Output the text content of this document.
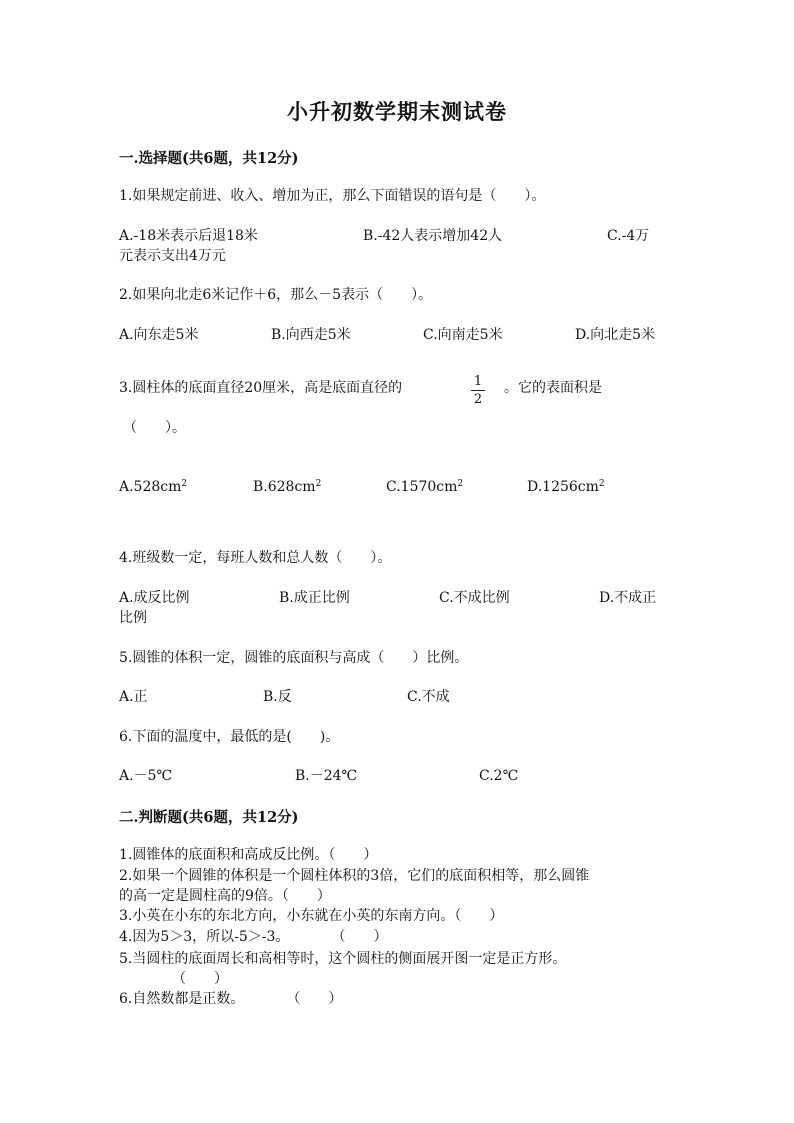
小升初数学期末测试卷
一.选择题(共6题，共12分)
1.如果规定前进、收入、增加为正，那么下面错误的语句是（　　）。
A.-18米表示后退18米	B.-42人表示增加42人	C.-4万
元表示支出4万元
2.如果向北走6米记作＋6，那么－5表示（　　）。
A.向东走5米	B.向西走5米	C.向南走5米	D.向北走5米
3.圆柱体的底面直径20厘米，高是底面直径的	1
2
。它的表面积是
（　　）。
$A.528cm^2$	$B.628cm^2$	$C.1570cm^2$	$D.1256cm^2$
4.班级数一定，每班人数和总人数（　　）。
A.成反比例	B.成正比例	C.不成比例	D.不成正
比例
5.圆锥的体积一定，圆锥的底面积与高成（　　）比例。
A.正	B.反	C.不成
6.下面的温度中，最低的是(　　)。
A.－5℃	B.－24℃	C.2℃
二.判断题(共6题，共12分)
1.圆锥体的底面积和高成反比例。（　　）
2.如果一个圆锥的体积是一个圆柱体积的3倍，它们的底面积相等，那么圆锥
的高一定是圆柱高的9倍。（　　）
3.小英在小东的东北方向，小东就在小英的东南方向。（　　）
4.因为5＞3，所以-5＞-3。　　　　（　　）
5.当圆柱的底面周长和高相等时，这个圆柱的侧面展开图一定是正方形。
（　　）
6.自然数都是正数。　　　　（　　）
